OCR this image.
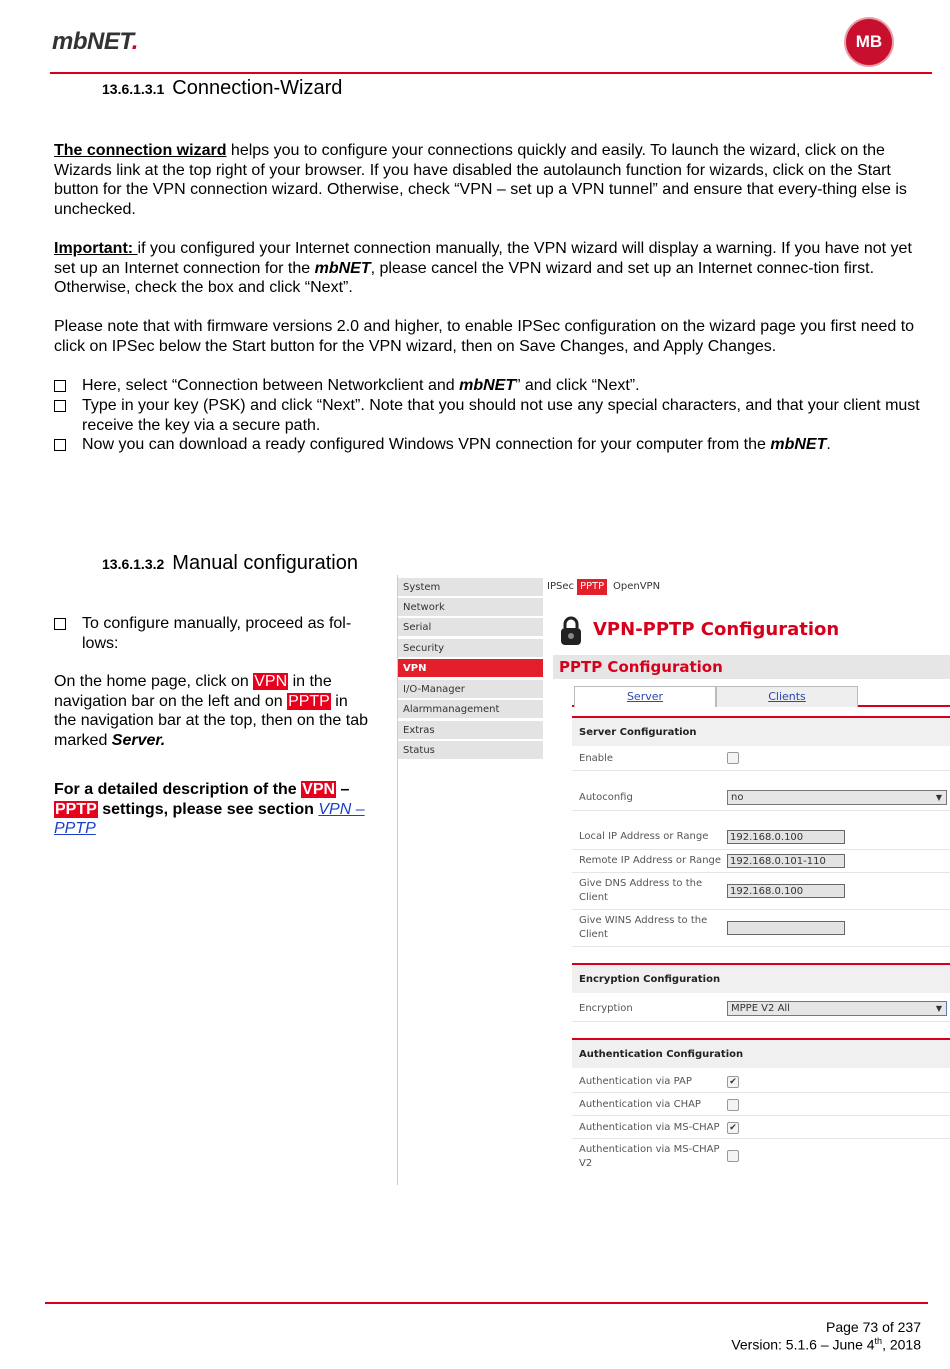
mbNET.	MB
13.6.1.3.1 Connection-Wizard
The connection wizard helps you to configure your connections quickly and easily. To launch the wizard, click on the Wizards link at the top right of your browser. If you have disabled the autolaunch function for wizards, click on the Start button for the VPN connection wizard. Otherwise, check “VPN – set up a VPN tunnel” and ensure that every-thing else is unchecked.
Important: if you configured your Internet connection manually, the VPN wizard will display a warning. If you have not yet set up an Internet connection for the mbNET, please cancel the VPN wizard and set up an Internet connec-tion first. Otherwise, check the box and click “Next”.
Please note that with firmware versions 2.0 and higher, to enable IPSec configuration on the wizard page you first need to click on IPSec below the Start button for the VPN wizard, then on Save Changes, and Apply Changes.
Here, select “Connection between Networkclient and mbNET” and click “Next”.
Type in your key (PSK) and click “Next”. Note that you should not use any special characters, and that your client must receive the key via a secure path.
Now you can download a ready configured Windows VPN connection for your computer from the mbNET.
13.6.1.3.2 Manual configuration
To configure manually, proceed as fol-lows:
On the home page, click on VPN in the navigation bar on the left and on PPTP in the navigation bar at the top, then on the tab marked Server.
For a detailed description of the VPN –
PPTP settings, please see section VPN – PPTP
System
Network
Serial
Security
VPN
I/O-Manager
Alarmmanagement
Extras
Status
IPSec PPTP OpenVPN
VPN-PPTP Configuration
PPTP Configuration
Server	Clients
Server Configuration
Enable
Autoconfig	no	▼
Local IP Address or Range	192.168.0.100
Remote IP Address or Range 192.168.0.101-110
Give DNS Address to the Client
192.168.0.100
Give WINS Address to the Client
Encryption Configuration
Encryption	MPPE V2 All	▼
Authentication Configuration
Authentication via PAP	✔
Authentication via CHAP
Authentication via MS-CHAP	✔
Authentication via MS-CHAP V2
Page 73 of 237
Version: 5.1.6 – June 4th, 2018
